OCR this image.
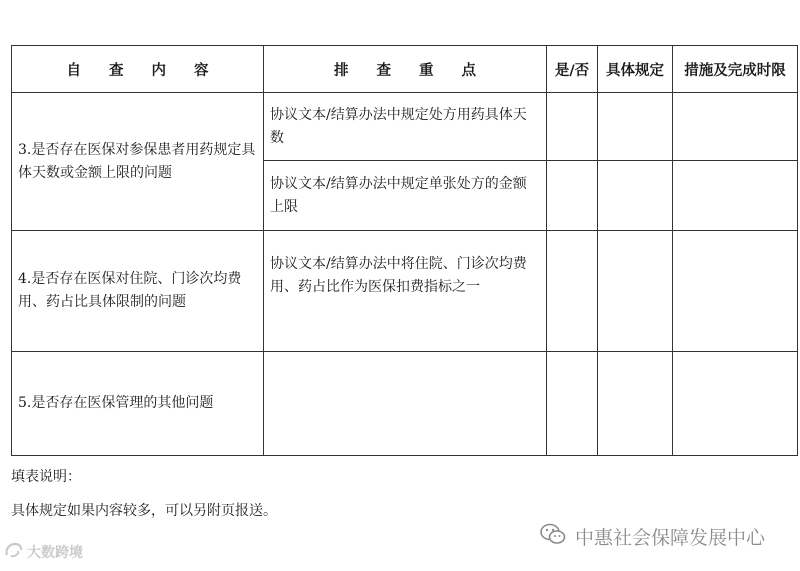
自查内容	排查重点	是/否	具体规定	措施及完成时限
3.是否存在医保对参保患者用药规定具体天数或金额上限的问题	协议文本/结算办法中规定处方用药具体天数			
	协议文本/结算办法中规定单张处方的金额上限			
4.是否存在医保对住院、门诊次均费用、药占比具体限制的问题	协议文本/结算办法中将住院、门诊次均费用、药占比作为医保扣费指标之一			
5.是否存在医保管理的其他问题				
填表说明：
具体规定如果内容较多，可以另附页报送。
大数跨境
中惠社会保障发展中心
